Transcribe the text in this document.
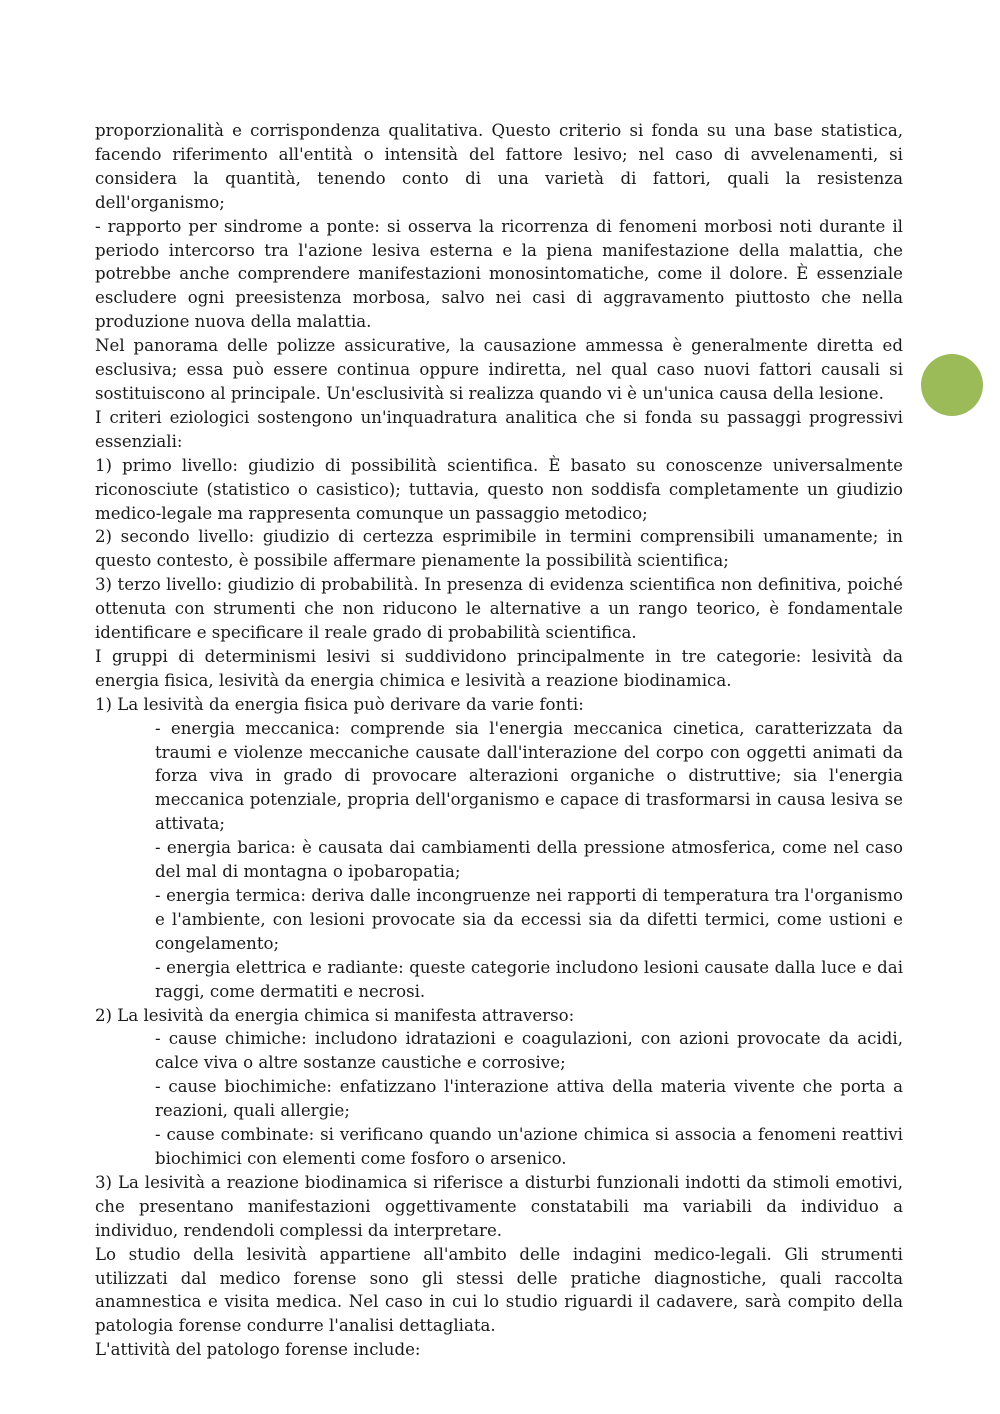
proporzionalità e corrispondenza qualitativa. Questo criterio si fonda su una base statistica, facendo riferimento all'entità o intensità del fattore lesivo; nel caso di avvelenamenti, si considera la quantità, tenendo conto di una varietà di fattori, quali la resistenza dell'organismo;

- rapporto per sindrome a ponte: si osserva la ricorrenza di fenomeni morbosi noti durante il periodo intercorso tra l'azione lesiva esterna e la piena manifestazione della malattia, che potrebbe anche comprendere manifestazioni monosintomatiche, come il dolore. È essenziale escludere ogni preesistenza morbosa, salvo nei casi di aggravamento piuttosto che nella produzione nuova della malattia.

Nel panorama delle polizze assicurative, la causazione ammessa è generalmente diretta ed esclusiva; essa può essere continua oppure indiretta, nel qual caso nuovi fattori causali si sostituiscono al principale. Un'esclusività si realizza quando vi è un'unica causa della lesione.

I criteri eziologici sostengono un'inquadratura analitica che si fonda su passaggi progressivi essenziali:

1) primo livello: giudizio di possibilità scientifica. È basato su conoscenze universalmente riconosciute (statistico o casistico); tuttavia, questo non soddisfa completamente un giudizio medico-legale ma rappresenta comunque un passaggio metodico;

2) secondo livello: giudizio di certezza esprimibile in termini comprensibili umanamente; in questo contesto, è possibile affermare pienamente la possibilità scientifica;

3) terzo livello: giudizio di probabilità. In presenza di evidenza scientifica non definitiva, poiché ottenuta con strumenti che non riducono le alternative a un rango teorico, è fondamentale identificare e specificare il reale grado di probabilità scientifica.

I gruppi di determinismi lesivi si suddividono principalmente in tre categorie: lesività da energia fisica, lesività da energia chimica e lesività a reazione biodinamica.

1) La lesività da energia fisica può derivare da varie fonti:

- energia meccanica: comprende sia l'energia meccanica cinetica, caratterizzata da traumi e violenze meccaniche causate dall'interazione del corpo con oggetti animati da forza viva in grado di provocare alterazioni organiche o distruttive; sia l'energia meccanica potenziale, propria dell'organismo e capace di trasformarsi in causa lesiva se attivata;

- energia barica: è causata dai cambiamenti della pressione atmosferica, come nel caso del mal di montagna o ipobaropatia;

- energia termica: deriva dalle incongruenze nei rapporti di temperatura tra l'organismo e l'ambiente, con lesioni provocate sia da eccessi sia da difetti termici, come ustioni e congelamento;

- energia elettrica e radiante: queste categorie includono lesioni causate dalla luce e dai raggi, come dermatiti e necrosi.

2) La lesività da energia chimica si manifesta attraverso:

- cause chimiche: includono idratazioni e coagulazioni, con azioni provocate da acidi, calce viva o altre sostanze caustiche e corrosive;

- cause biochimiche: enfatizzano l'interazione attiva della materia vivente che porta a reazioni, quali allergie;

- cause combinate: si verificano quando un'azione chimica si associa a fenomeni reattivi biochimici con elementi come fosforo o arsenico.

3) La lesività a reazione biodinamica si riferisce a disturbi funzionali indotti da stimoli emotivi, che presentano manifestazioni oggettivamente constatabili ma variabili da individuo a individuo, rendendoli complessi da interpretare.

Lo studio della lesività appartiene all'ambito delle indagini medico-legali. Gli strumenti utilizzati dal medico forense sono gli stessi delle pratiche diagnostiche, quali raccolta anamnestica e visita medica. Nel caso in cui lo studio riguardi il cadavere, sarà compito della patologia forense condurre l'analisi dettagliata.

L'attività del patologo forense include:
